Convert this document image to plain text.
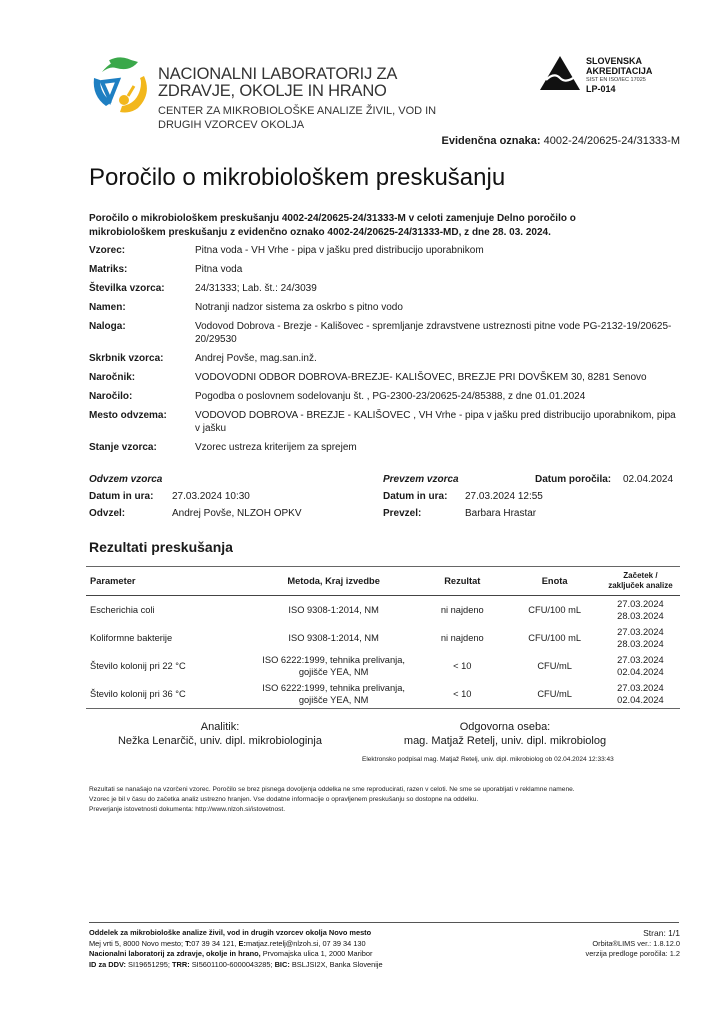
NACIONALNI LABORATORIJ ZA
ZDRAVJE, OKOLJE IN HRANO
CENTER ZA MIKROBIOLOŠKE ANALIZE ŽIVIL, VOD IN
DRUGIH VZORCEV OKOLJA
SLOVENSKA
AKREDITACIJA
SIST EN ISO/IEC 17025
LP-014
Evidenčna oznaka: 4002-24/20625-24/31333-M
Poročilo o mikrobiološkem preskušanju
Poročilo o mikrobiološkem preskušanju 4002-24/20625-24/31333-M v celoti zamenjuje Delno poročilo o mikrobiološkem preskušanju z evidenčno oznako 4002-24/20625-24/31333-MD, z dne 28. 03. 2024.
Vzorec:	Pitna voda - VH Vrhe - pipa v jašku pred distribucijo uporabnikom
Matriks:	Pitna voda
Številka vzorca:	24/31333; Lab. št.: 24/3039
Namen:	Notranji nadzor sistema za oskrbo s pitno vodo
Naloga:	Vodovod Dobrova - Brezje - Kališovec - spremljanje zdravstvene ustreznosti pitne vode PG-2132-19/20625-20/29530
Skrbnik vzorca:	Andrej Povše, mag.san.inž.
Naročnik:	VODOVODNI ODBOR DOBROVA-BREZJE- KALIŠOVEC, BREZJE PRI DOVŠKEM 30, 8281 Senovo
Naročilo:	Pogodba o poslovnem sodelovanju št. , PG-2300-23/20625-24/85388, z dne 01.01.2024
Mesto odvzema:	VODOVOD DOBROVA - BREZJE - KALIŠOVEC , VH Vrhe - pipa v jašku pred distribucijo uporabnikom, pipa v jašku
Stanje vzorca:	Vzorec ustreza kriterijem za sprejem
Odvzem vzorca
Datum in ura: 27.03.2024 10:30
Odvzel:	Andrej Povše, NLZOH OPKV
Prevzem vzorca
Datum in ura: 27.03.2024 12:55
Prevzel:	Barbara Hrastar
Datum poročila: 02.04.2024
Rezultati preskušanja
Parameter	Metoda, Kraj izvedbe	Rezultat	Enota	Začetek / zaključek analize
Escherichia coli	ISO 9308-1:2014, NM	ni najdeno	CFU/100 mL	27.03.2024
28.03.2024

Koliformne bakterije	ISO 9308-1:2014, NM	ni najdeno	CFU/100 mL	27.03.2024
28.03.2024

Število kolonij pri 22 °C	ISO 6222:1999, tehnika prelivanja, gojišče YEA, NM	< 10	CFU/mL	27.03.2024
02.04.2024

Število kolonij pri 36 °C	ISO 6222:1999, tehnika prelivanja, gojišče YEA, NM	< 10	CFU/mL	27.03.2024
02.04.2024
Analitik:
Nežka Lenarčič, univ. dipl. mikrobiologinja
Odgovorna oseba:
mag. Matjaž Retelj, univ. dipl. mikrobiolog
Elektronsko podpisal mag. Matjaž Retelj, univ. dipl. mikrobiolog ob 02.04.2024 12:33:43
Rezultati se nanašajo na vzorčeni vzorec. Poročilo se brez pisnega dovoljenja oddelka ne sme reproducirati, razen v celoti. Ne sme se uporabljati v reklamne namene.
Vzorec je bil v času do začetka analiz ustrezno hranjen. Vse dodatne informacije o opravljenem preskušanju so dostopne na oddelku.
Preverjanje istovetnosti dokumenta: http://www.nlzoh.si/istovetnost.
Oddelek za mikrobiološke analize živil, vod in drugih vzorcev okolja Novo mesto
Mej vrti 5, 8000 Novo mesto; T:07 39 34 121, E:matjaz.retelj@nlzoh.si, 07 39 34 130
Nacionalni laboratorij za zdravje, okolje in hrano, Prvomajska ulica 1, 2000 Maribor
ID za DDV: SI19651295; TRR: SI5601100-6000043285; BIC: BSLJSI2X, Banka Slovenije
Stran: 1/1
Orbita®LIMS ver.: 1.8.12.0
verzija predloge poročila: 1.2
